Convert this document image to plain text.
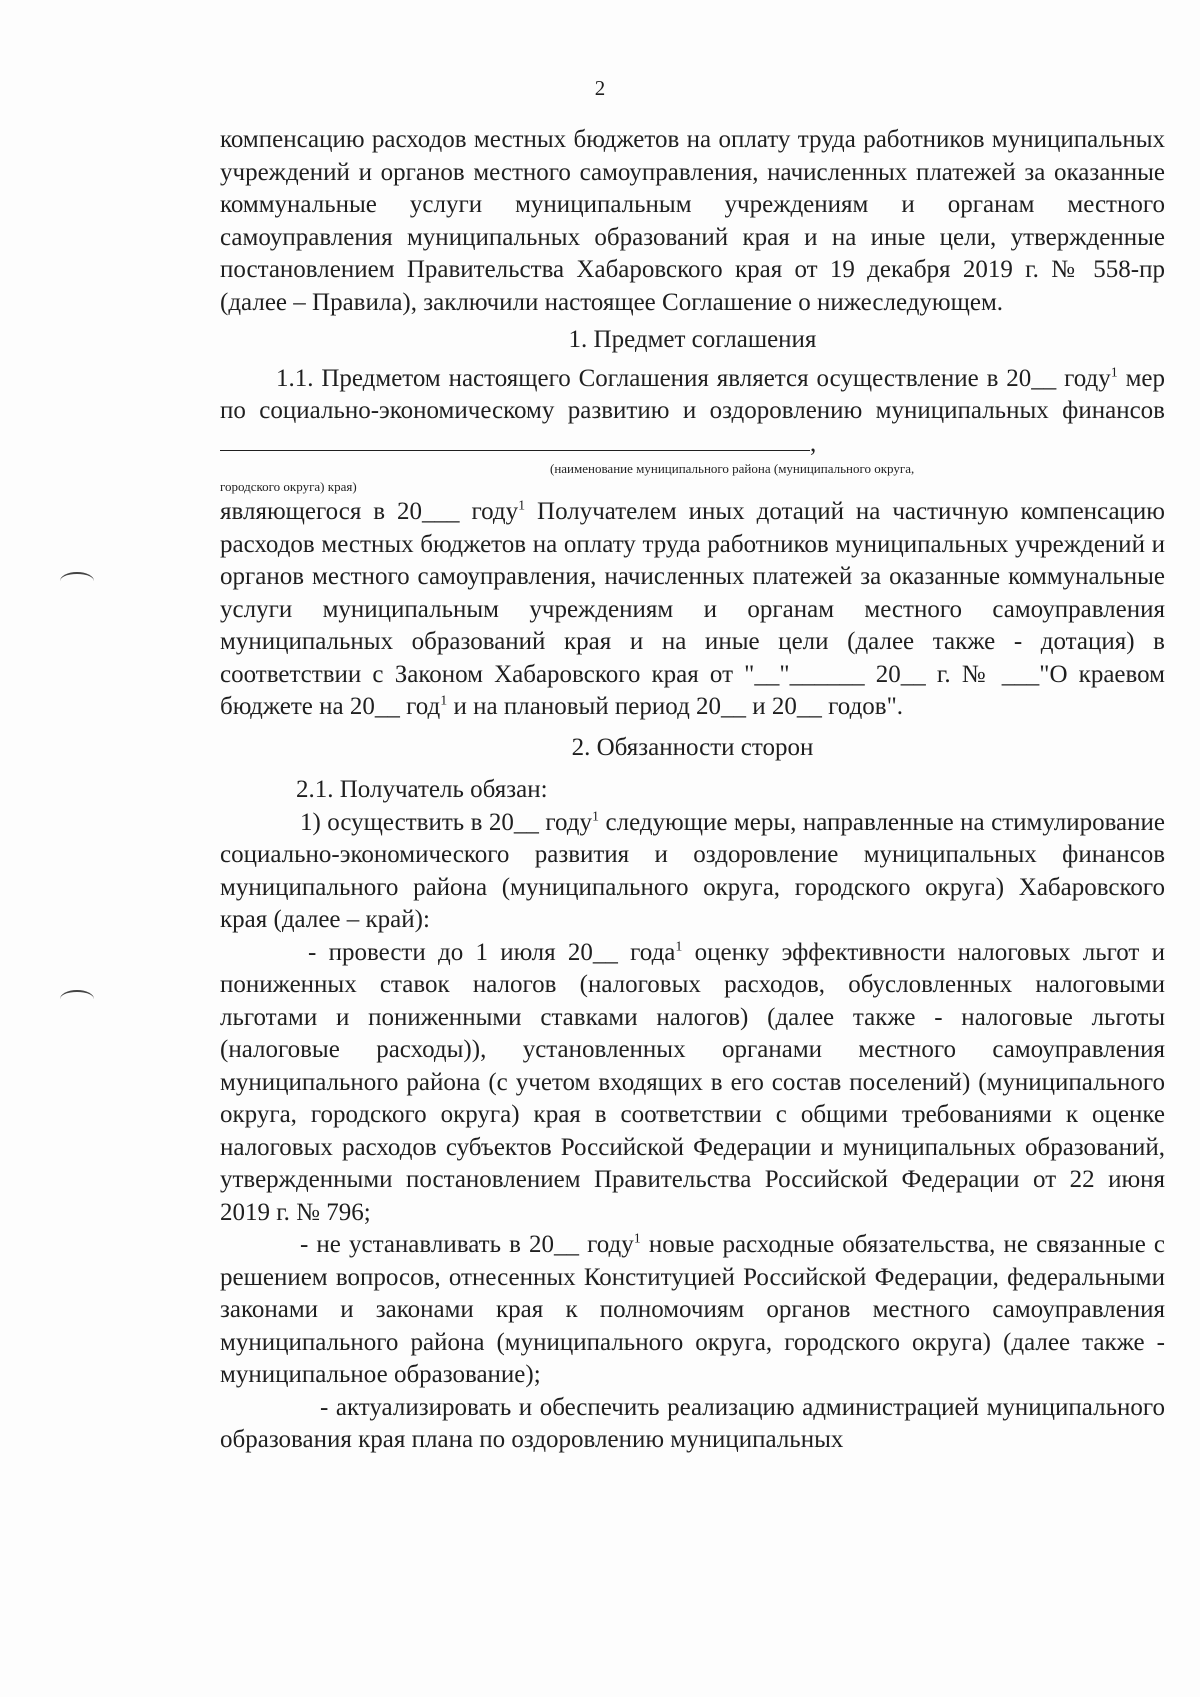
2

компенсацию расходов местных бюджетов на оплату труда работников муниципальных учреждений и органов местного самоуправления, начисленных платежей за оказанные коммунальные услуги муниципальным учреждениям и органам местного самоуправления муниципальных образований края и на иные цели, утвержденные постановлением Правительства Хабаровского края от 19 декабря 2019 г. № 558-пр (далее – Правила), заключили настоящее Соглашение о нижеследующем.

1. Предмет соглашения

1.1. Предметом настоящего Соглашения является осуществление в 20__ году$^1$ мер по социально-экономическому развитию и оздоровлению муниципальных финансов,

(наименование муниципального района (муниципального округа,
городского округа) края)

являющегося в 20___ году$^1$ Получателем иных дотаций на частичную компенсацию расходов местных бюджетов на оплату труда работников муниципальных учреждений и органов местного самоуправления, начисленных платежей за оказанные коммунальные услуги муниципальным учреждениям и органам местного самоуправления муниципальных образований края и на иные цели (далее также - дотация) в соответствии с Законом Хабаровского края от "__"______ 20__ г. № ___"О краевом бюджете на 20__ год$^1$ и на плановый период 20__ и 20__ годов".

2. Обязанности сторон

2.1. Получатель обязан:

1) осуществить в 20__ году$^1$ следующие меры, направленные на стимулирование социально-экономического развития и оздоровление муниципальных финансов муниципального района (муниципального округа, городского округа) Хабаровского края (далее – край):

- провести до 1 июля 20__ года$^1$ оценку эффективности налоговых льгот и пониженных ставок налогов (налоговых расходов, обусловленных налоговыми льготами и пониженными ставками налогов) (далее также - налоговые льготы (налоговые расходы)), установленных органами местного самоуправления муниципального района (с учетом входящих в его состав поселений) (муниципального округа, городского округа) края в соответствии с общими требованиями к оценке налоговых расходов субъектов Российской Федерации и муниципальных образований, утвержденными постановлением Правительства Российской Федерации от 22 июня 2019 г. № 796;

- не устанавливать в 20__ году$^1$ новые расходные обязательства, не связанные с решением вопросов, отнесенных Конституцией Российской Федерации, федеральными законами и законами края к полномочиям органов местного самоуправления муниципального района (муниципального округа, городского округа) (далее также - муниципальное образование);

- актуализировать и обеспечить реализацию администрацией муниципального образования края плана по оздоровлению муниципальных
